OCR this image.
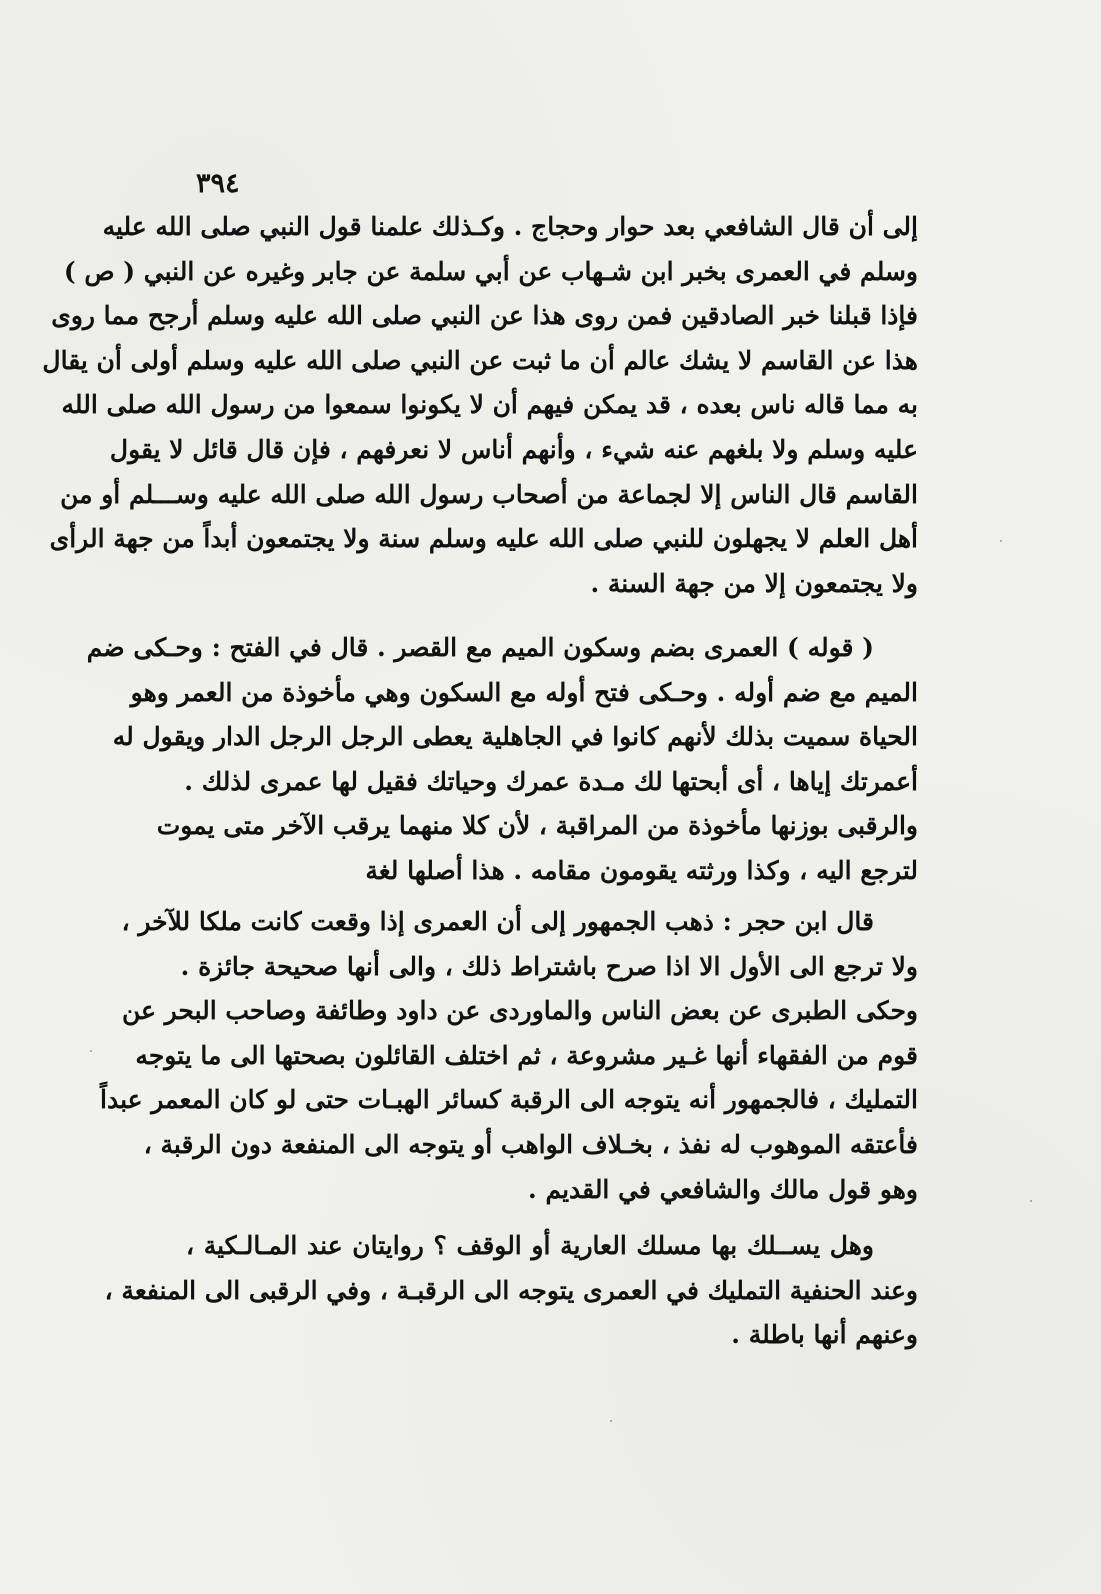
٣٩٤
إلى أن قال الشافعي بعد حوار وحجاج . وكـذلك علمنا قول النبي صلى الله عليه
وسلم في العمرى بخبر ابن شـهاب عن أبي سلمة عن جابر وغيره عن النبي ( ص )
فإذا قبلنا خبر الصادقين فمن روى هذا عن النبي صلى الله عليه وسلم أرجح مما روى
هذا عن القاسم لا يشك عالم أن ما ثبت عن النبي صلى الله عليه وسلم أولى أن يقال
به مما قاله ناس بعده ، قد يمكن فيهم أن لا يكونوا سمعوا من رسول الله صلى الله
عليه وسلم ولا بلغهم عنه شيء ، وأنهم أناس لا نعرفهم ، فإن قال قائل لا يقول
القاسم قال الناس إلا لجماعة من أصحاب رسول الله صلى الله عليه وســـلم أو من
أهل العلم لا يجهلون للنبي صلى الله عليه وسلم سنة ولا يجتمعون أبداً من جهة الرأى
ولا يجتمعون إلا من جهة السنة .
( قوله ) العمرى بضم وسكون الميم مع القصر . قال في الفتح : وحـكى ضم
الميم مع ضم أوله . وحـكى فتح أوله مع السكون وهي مأخوذة من العمر وهو
الحياة سميت بذلك لأنهم كانوا في الجاهلية يعطى الرجل الرجل الدار ويقول له
أعمرتك إياها ، أى أبحتها لك مـدة عمرك وحياتك فقيل لها عمرى لذلك .
والرقبى بوزنها مأخوذة من المراقبة ، لأن كلا منهما يرقب الآخر متى يموت
لترجع اليه ، وكذا ورثته يقومون مقامه . هذا أصلها لغة
قال ابن حجر : ذهب الجمهور إلى أن العمرى إذا وقعت كانت ملكا للآخر ،
ولا ترجع الى الأول الا اذا صرح باشتراط ذلك ، والى أنها صحيحة جائزة .
وحكى الطبرى عن بعض الناس والماوردى عن داود وطائفة وصاحب البحر عن
قوم من الفقهاء أنها غـير مشروعة ، ثم اختلف القائلون بصحتها الى ما يتوجه
التمليك ، فالجمهور أنه يتوجه الى الرقبة كسائر الهبـات حتى لو كان المعمر عبداً
فأعتقه الموهوب له نفذ ، بخـلاف الواهب أو يتوجه الى المنفعة دون الرقبة ،
وهو قول مالك والشافعي في القديم .
وهل يســلك بها مسلك العارية أو الوقف ؟ روايتان عند المـالـكية ،
وعند الحنفية التمليك في العمرى يتوجه الى الرقبـة ، وفي الرقبى الى المنفعة ،
وعنهم أنها باطلة .
